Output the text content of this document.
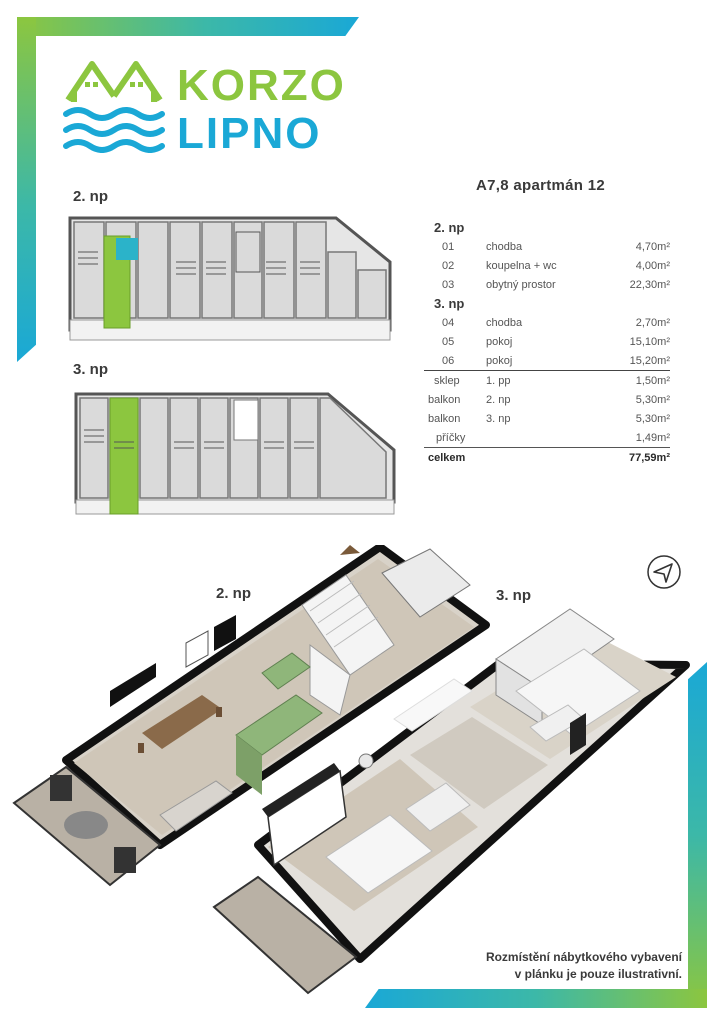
KORZO
LIPNO
2. np
3. np
A7,8 apartmán 12
2. np		
01	chodba	4,70m²
02	koupelna + wc	4,00m²
03	obytný prostor	22,30m²
3. np		
04	chodba	2,70m²
05	pokoj	15,10m²
06	pokoj	15,20m²
sklep	1. pp	1,50m²
balkon	2. np	5,30m²
balkon	3. np	5,30m²
příčky		1,49m²
celkem		77,59m²
2. np	3. np
Rozmístění nábytkového vybavení
v plánku je pouze ilustrativní.
